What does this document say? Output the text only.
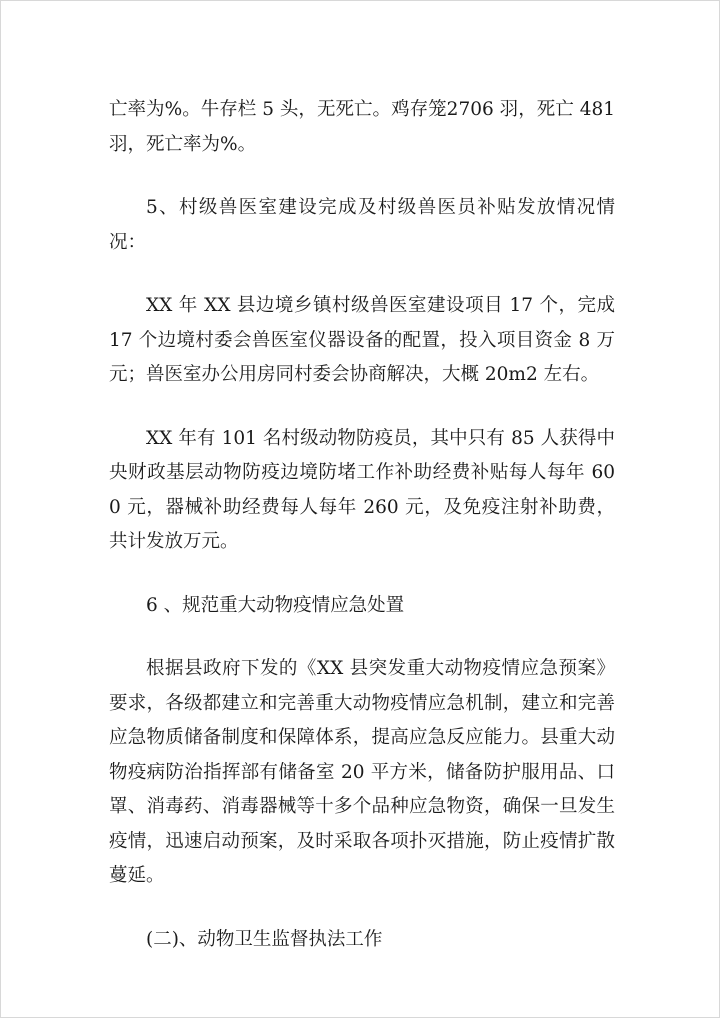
亡率为%。牛存栏 5 头，无死亡。鸡存笼2706 羽，死亡 481 羽，死亡率为%。

5、村级兽医室建设完成及村级兽医员补贴发放情况情况：

XX 年 XX 县边境乡镇村级兽医室建设项目 17 个，完成17 个边境村委会兽医室仪器设备的配置，投入项目资金 8 万元；兽医室办公用房同村委会协商解决，大概 20m2 左右。

XX 年有 101 名村级动物防疫员，其中只有 85 人获得中央财政基层动物防疫边境防堵工作补助经费补贴每人每年 60 0 元，器械补助经费每人每年 260 元，及免疫注射补助费，共计发放万元。

6 、规范重大动物疫情应急处置

根据县政府下发的《XX 县突发重大动物疫情应急预案》要求，各级都建立和完善重大动物疫情应急机制，建立和完善应急物质储备制度和保障体系，提高应急反应能力。县重大动物疫病防治指挥部有储备室 20 平方米，储备防护服用品、口罩、消毒药、消毒器械等十多个品种应急物资，确保一旦发生疫情，迅速启动预案，及时采取各项扑灭措施，防止疫情扩散蔓延。

(二)、动物卫生监督执法工作
